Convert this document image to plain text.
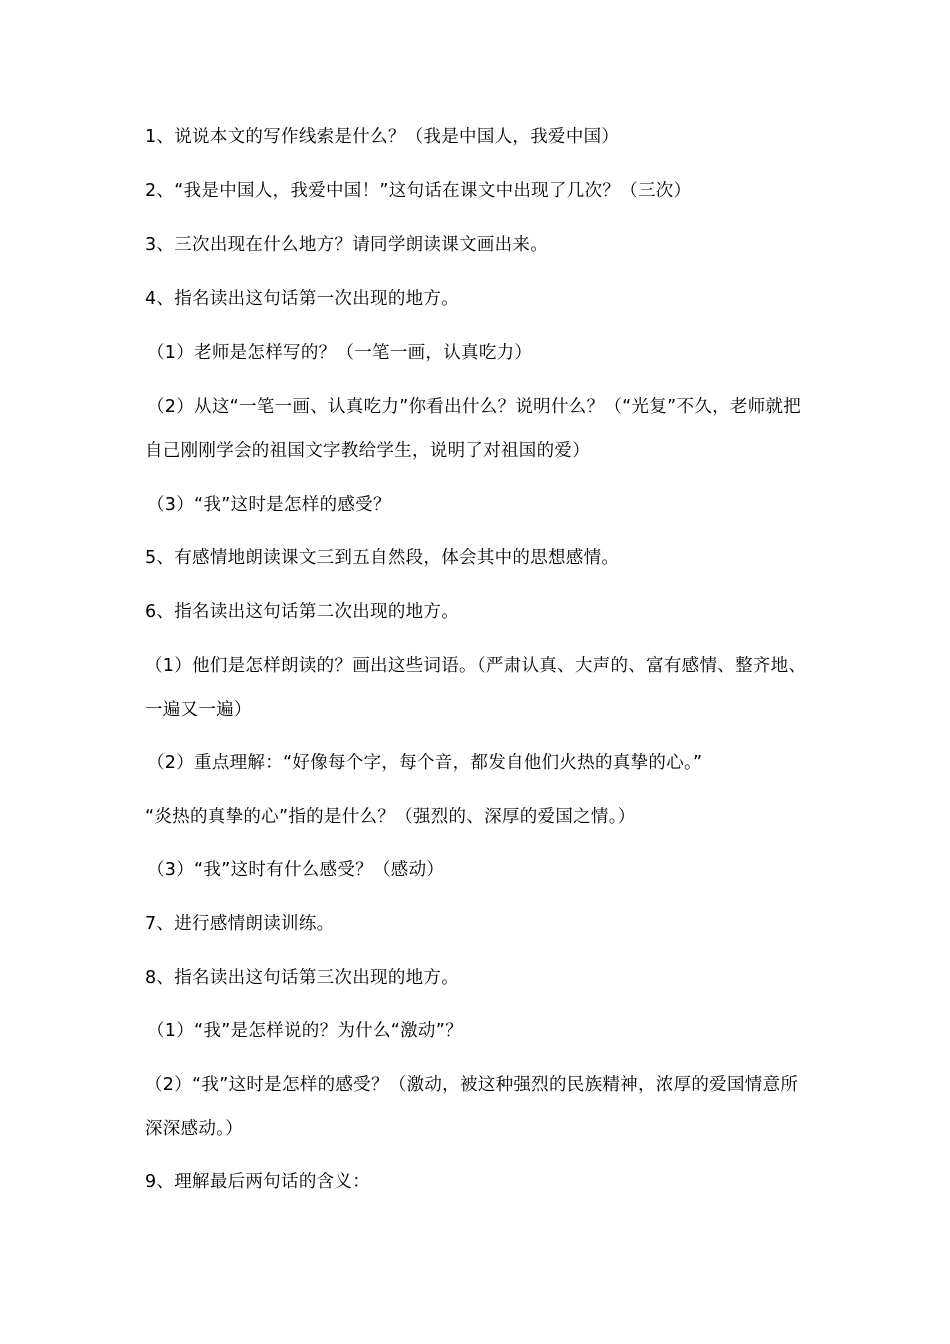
1、说说本文的写作线索是什么？（我是中国人，我爱中国）
2、“我是中国人，我爱中国！”这句话在课文中出现了几次？（三次）
3、三次出现在什么地方？请同学朗读课文画出来。
4、指名读出这句话第一次出现的地方。
（1）老师是怎样写的？（一笔一画，认真吃力）
（2）从这“一笔一画、认真吃力”你看出什么？说明什么？（“光复”不久，老师就把
自己刚刚学会的祖国文字教给学生，说明了对祖国的爱）
（3）“我”这时是怎样的感受？
5、有感情地朗读课文三到五自然段，体会其中的思想感情。
6、指名读出这句话第二次出现的地方。
（1）他们是怎样朗读的？画出这些词语。（严肃认真、大声的、富有感情、整齐地、
一遍又一遍）
（2）重点理解：“好像每个字，每个音，都发自他们火热的真挚的心。”
“炎热的真挚的心”指的是什么？（强烈的、深厚的爱国之情。）
（3）“我”这时有什么感受？（感动）
7、进行感情朗读训练。
8、指名读出这句话第三次出现的地方。
（1）“我”是怎样说的？为什么“激动”？
（2）“我”这时是怎样的感受？（激动，被这种强烈的民族精神，浓厚的爱国情意所
深深感动。）
9、理解最后两句话的含义：
